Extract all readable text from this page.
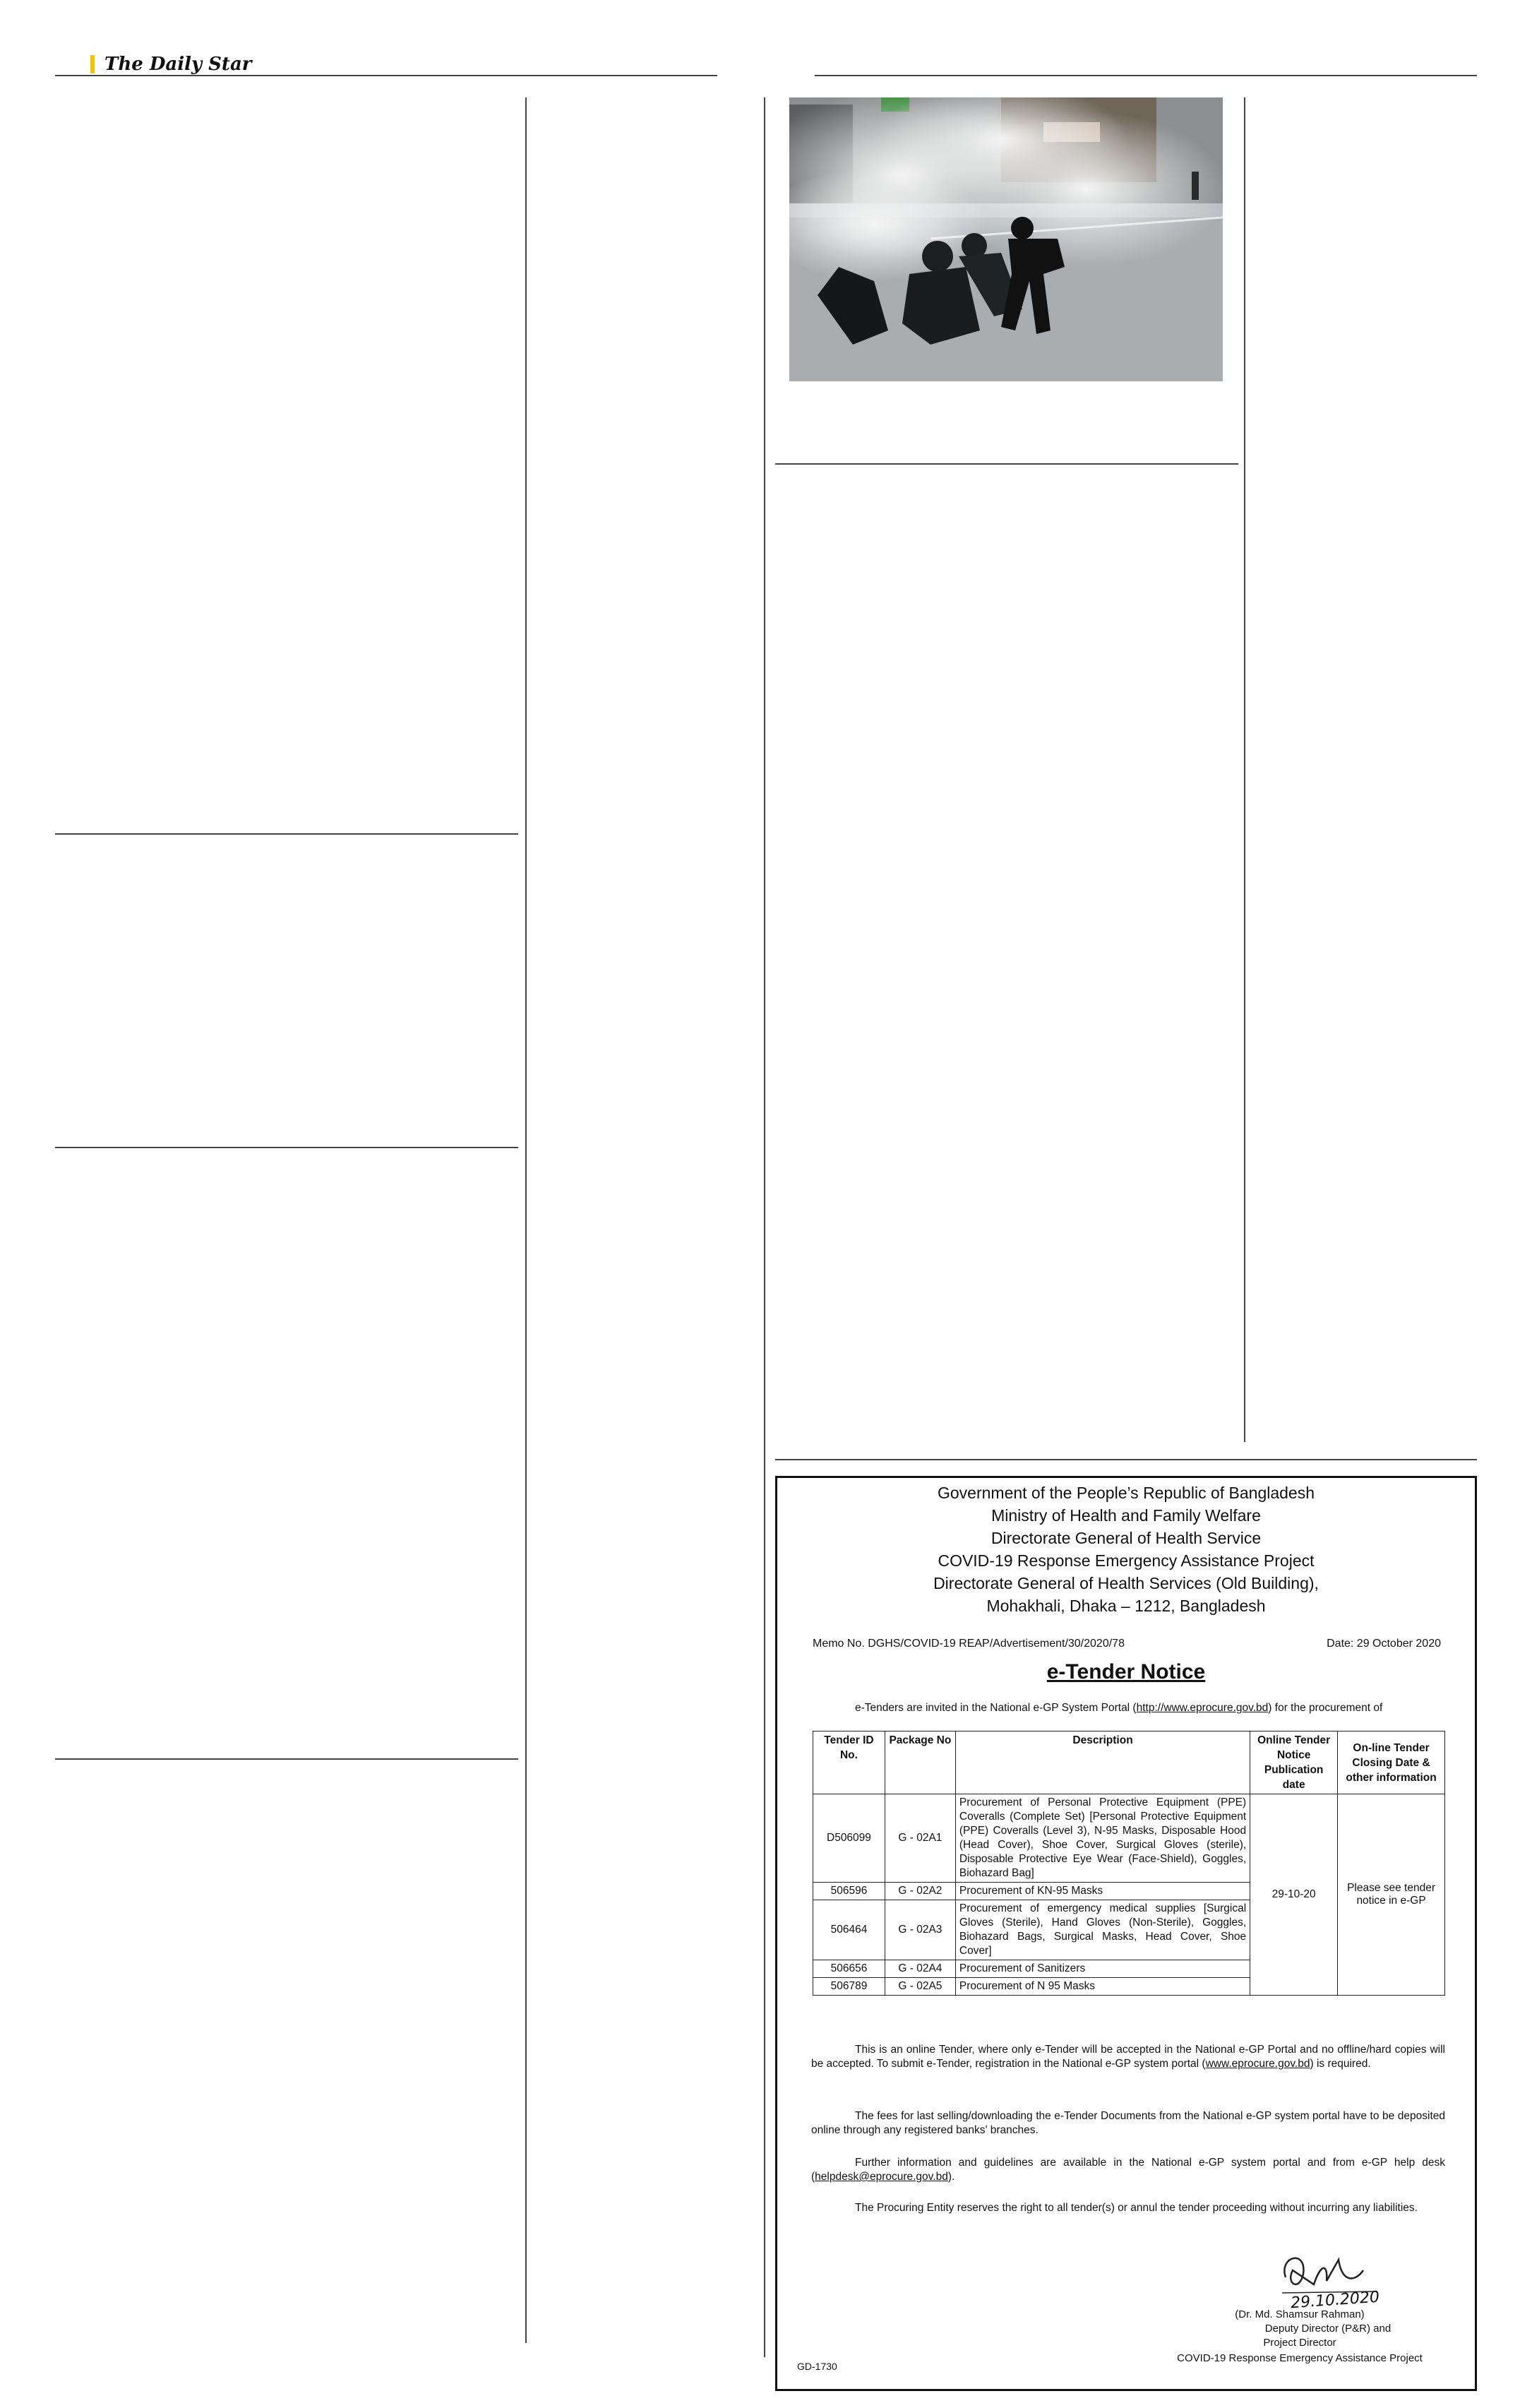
The Daily Star
Government of the People’s Republic of Bangladesh
Ministry of Health and Family Welfare
Directorate General of Health Service
COVID-19 Response Emergency Assistance Project
Directorate General of Health Services (Old Building),
Mohakhali, Dhaka – 1212, Bangladesh
Memo No. DGHS/COVID-19 REAP/Advertisement/30/2020/78	Date: 29 October 2020
e-Tender Notice

e-Tenders are invited in the National e-GP System Portal (http://www.eprocure.gov.bd) for the procurement of

Tender ID No.	Package No	Description	Online Tender Notice Publication date	On-line Tender Closing Date & other information
D506099	G - 02A1	Procurement of Personal Protective Equipment (PPE) Coveralls (Complete Set) [Personal Protective Equipment (PPE) Coveralls (Level 3), N-95 Masks, Disposable Hood (Head Cover), Shoe Cover, Surgical Gloves (sterile), Disposable Protective Eye Wear (Face-Shield), Goggles, Biohazard Bag]	29-10-20	Please see tender notice in e-GP
506596	G - 02A2	Procurement of KN-95 Masks		
506464	G - 02A3	Procurement of emergency medical supplies [Surgical Gloves (Sterile), Hand Gloves (Non-Sterile), Goggles, Biohazard Bags, Surgical Masks, Head Cover, Shoe Cover]		
506656	G - 02A4	Procurement of Sanitizers		
506789	G - 02A5	Procurement of N 95 Masks		

This is an online Tender, where only e-Tender will be accepted in the National e-GP Portal and no offline/hard copies will be accepted. To submit e-Tender, registration in the National e-GP system portal (www.eprocure.gov.bd) is required.

The fees for last selling/downloading the e-Tender Documents from the National e-GP system portal have to be deposited online through any registered banks' branches.

Further information and guidelines are available in the National e-GP system portal and from e-GP help desk (helpdesk@eprocure.gov.bd).

The Procuring Entity reserves the right to all tender(s) or annul the tender proceeding without incurring any liabilities.

29.10.2020
(Dr. Md. Shamsur Rahman)
Deputy Director (P&R) and
Project Director
COVID-19 Response Emergency Assistance Project
GD-1730
